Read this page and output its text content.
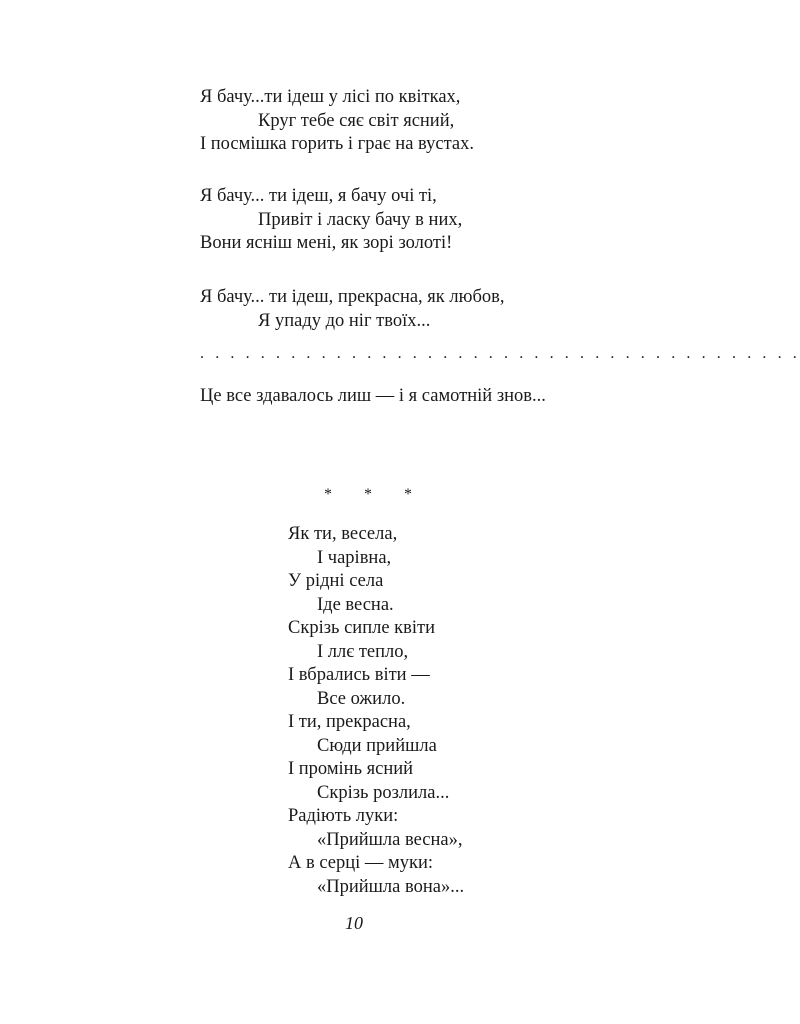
Я бачу...ти ідеш у лісі по квітках,
Круг тебе сяє світ ясний,
І посмішка горить і грає на вустах.
Я бачу... ти ідеш, я бачу очі ті,
Привіт і ласку бачу в них,
Вони ясніш мені, як зорі золоті!
Я бачу... ти ідеш, прекрасна, як любов,
Я упаду до ніг твоїх...
. . . . . . . . . . . . . . . . . . . . . . . . . . . . . . . . . . . . . . . .
Це все здавалось лиш — і я самотній знов...
* * *
Як ти, весела,
І чарівна,
У рідні села
Іде весна.
Скрізь сипле квіти
І ллє тепло,
І вбрались віти —
Все ожило.
І ти, прекрасна,
Сюди прийшла
І промінь ясний
Скрізь розлила...
Радіють луки:
«Прийшла весна»,
А в серці — муки:
«Прийшла вона»...
10
